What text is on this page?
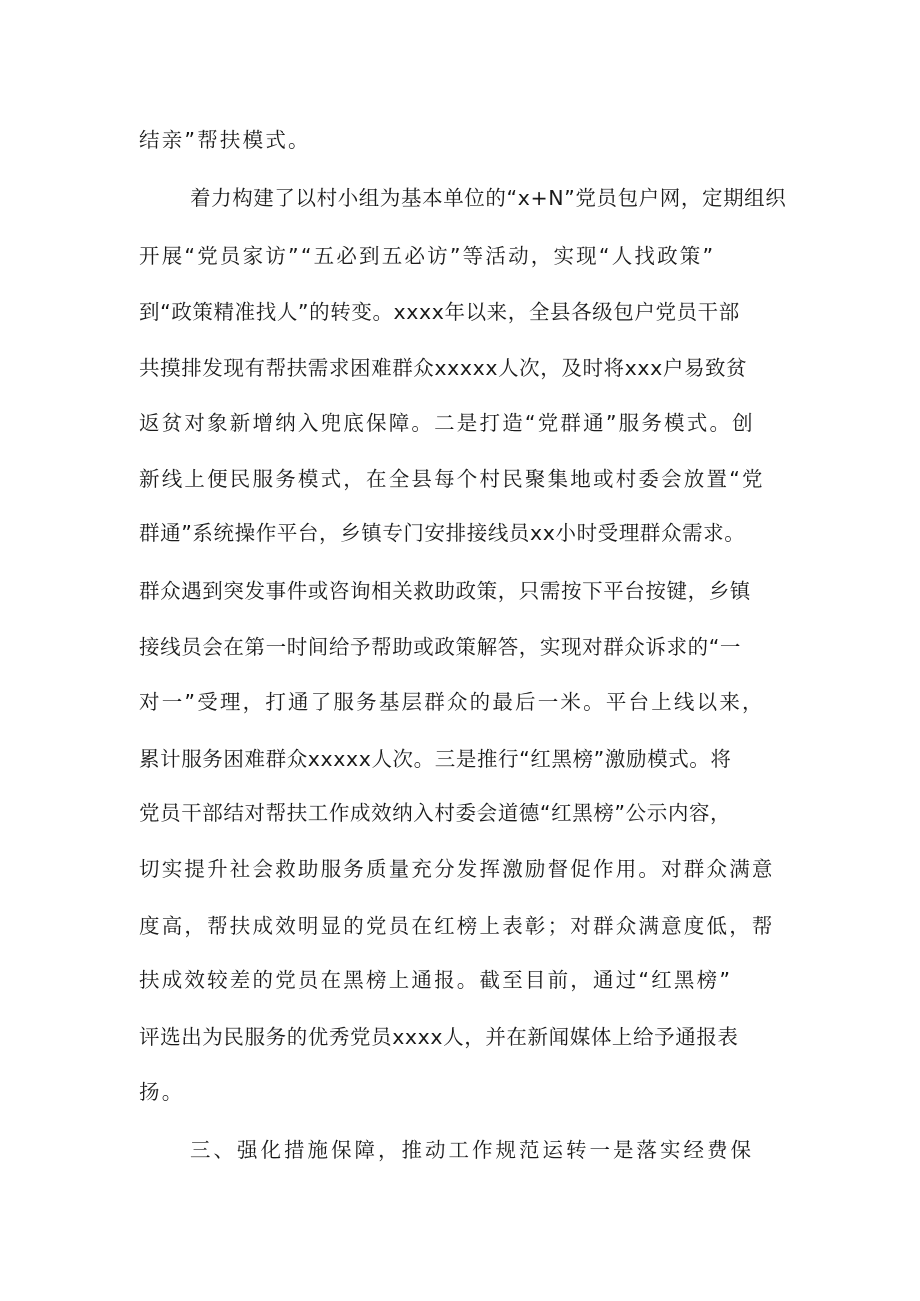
结亲”帮扶模式。
着力构建了以村小组为基本单位的“x+N”党员包户网，定期组织
开展“党员家访”“五必到五必访”等活动，实现“人找政策”
到“政策精准找人”的转变。xxxx年以来，全县各级包户党员干部
共摸排发现有帮扶需求困难群众xxxxx人次，及时将xxx户易致贫
返贫对象新增纳入兜底保障。二是打造“党群通”服务模式。创
新线上便民服务模式，在全县每个村民聚集地或村委会放置“党
群通”系统操作平台，乡镇专门安排接线员xx小时受理群众需求。
群众遇到突发事件或咨询相关救助政策，只需按下平台按键，乡镇
接线员会在第一时间给予帮助或政策解答，实现对群众诉求的“一
对一”受理，打通了服务基层群众的最后一米。平台上线以来，
累计服务困难群众xxxxx人次。三是推行“红黑榜”激励模式。将
党员干部结对帮扶工作成效纳入村委会道德“红黑榜”公示内容，
切实提升社会救助服务质量充分发挥激励督促作用。对群众满意
度高，帮扶成效明显的党员在红榜上表彰；对群众满意度低，帮
扶成效较差的党员在黑榜上通报。截至目前，通过“红黑榜”
评选出为民服务的优秀党员xxxx人，并在新闻媒体上给予通报表
扬。
三、强化措施保障，推动工作规范运转一是落实经费保
